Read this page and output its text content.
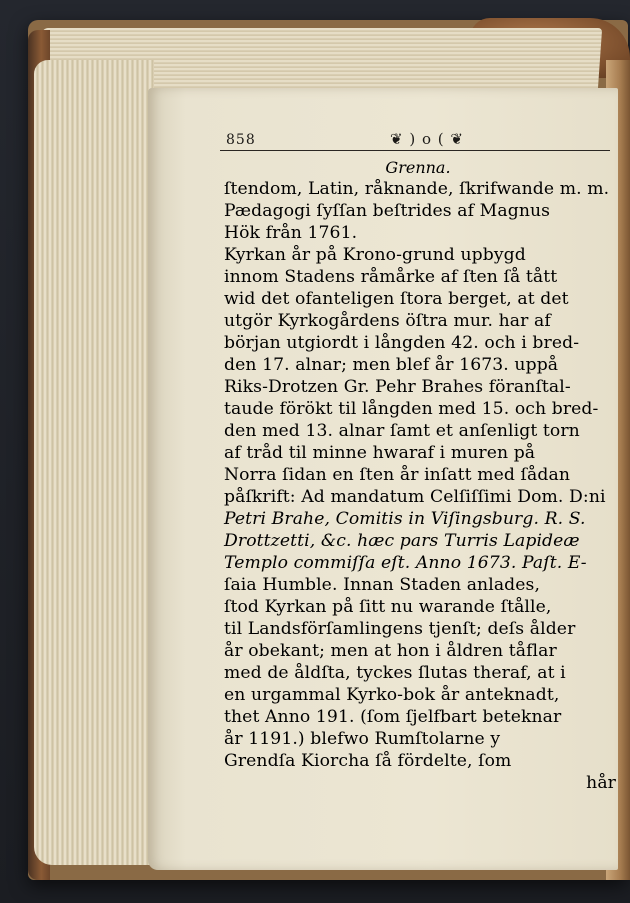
858	❦ ) o ( ❦
Grenna.
ſtendom, Latin, råknande, ſkrifwande m. m.
Pædagogi ſyſſan beſtrides af Magnus
Hök från 1761.
Kyrkan år på Krono-grund upbygd
innom Stadens råmårke af ſten ſå tått
wid det ofanteligen ſtora berget, at det
utgör Kyrkogårdens öſtra mur. har af
början utgiordt i långden 42. och i bred-
den 17. alnar; men blef år 1673. uppå
Riks-Drotzen Gr. Pehr Brahes föranſtal-
taude förökt til långden med 15. och bred-
den med 13. alnar ſamt et anſenligt torn
af tråd til minne hwaraf i muren på
Norra ſidan en ſten år inſatt med ſådan
påſkrift: Ad mandatum Celſiſſimi Dom. D:ni
Petri Brahe, Comitis in Viſingsburg. R. S.
Drottzetti, &c. hæc pars Turris Lapideæ
Templo commiſſa eſt. Anno 1673. Paſt. E-
ſaia Humble. Innan Staden anlades,
ſtod Kyrkan på ſitt nu warande ſtålle,
til Landsförſamlingens tjenſt; deſs ålder
år obekant; men at hon i åldren tåflar
med de åldſta, tyckes ſlutas theraf, at i
en urgammal Kyrko-bok år anteknadt,
thet Anno 191. (ſom ſjelfbart beteknar
år 1191.) blefwo Rumſtolarne y
Grendſa Kiorcha ſå fördelte, ſom
hår
